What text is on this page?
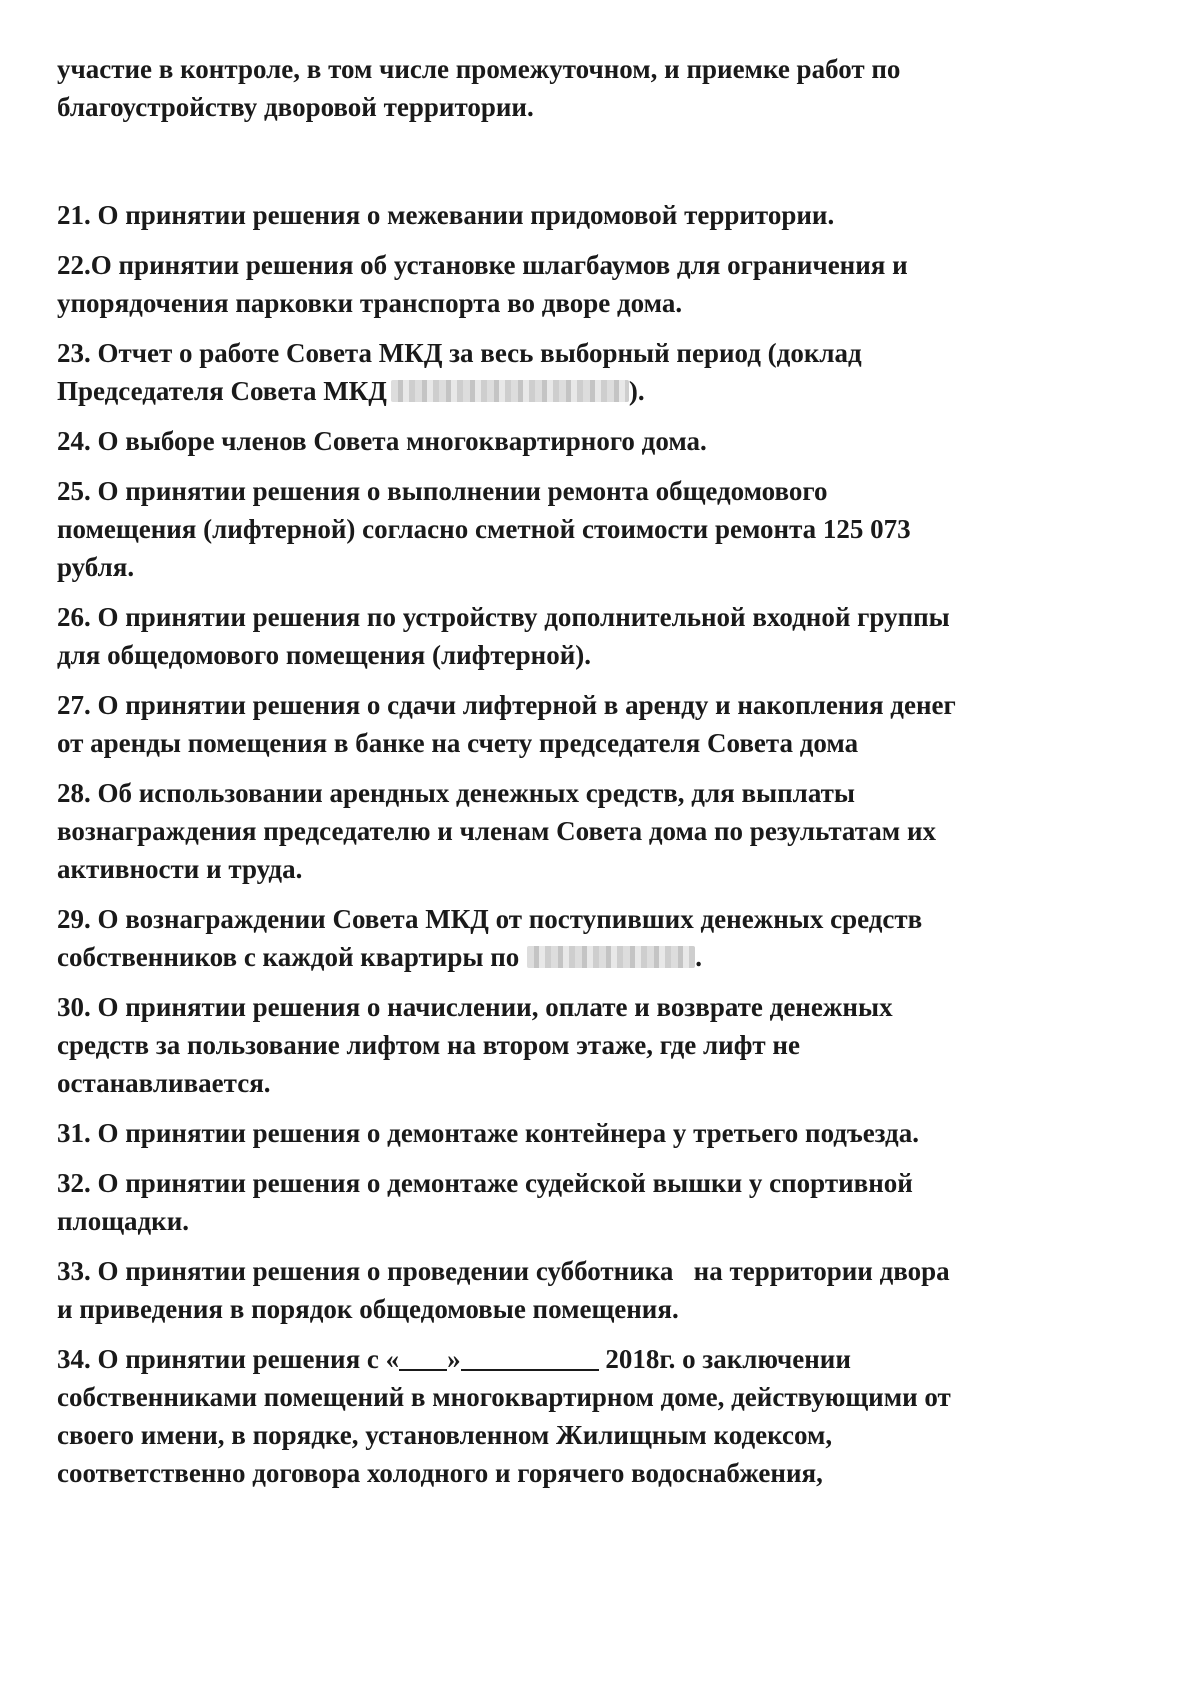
участие в контроле, в том числе промежуточном, и приемке работ по
благоустройству дворовой территории.

21. О принятии решения о межевании придомовой территории.

22.О принятии решения об установке шлагбаумов для ограничения и
упорядочения парковки транспорта во дворе дома.

23. Отчет о работе Совета МКД за весь выборный период (доклад
Председателя Совета МКД	).

24. О выборе членов Совета многоквартирного дома.

25. О принятии решения о выполнении ремонта общедомового
помещения (лифтерной) согласно сметной стоимости ремонта 125 073
рубля.

26. О принятии решения по устройству дополнительной входной группы
для общедомового помещения (лифтерной).

27. О принятии решения о сдачи лифтерной в аренду и накопления денег
от аренды помещения в банке на счету председателя Совета дома

28. Об использовании арендных денежных средств, для выплаты
вознаграждения председателю и членам Совета дома по результатам их
активности и труда.

29. О вознаграждении Совета МКД от поступивших денежных средств
собственников с каждой квартиры по	.

30. О принятии решения о начислении, оплате и возврате денежных
средств за пользование лифтом на втором этаже, где лифт не
останавливается.

31. О принятии решения о демонтаже контейнера у третьего подъезда.

32. О принятии решения о демонтаже судейской вышки у спортивной
площадки.

33. О принятии решения о проведении субботника   на территории двора
и приведения в порядок общедомовые помещения.

34. О принятии решения с « »	2018г. о заключении
собственниками помещений в многоквартирном доме, действующими от
своего имени, в порядке, установленном Жилищным кодексом,
соответственно договора холодного и горячего водоснабжения,
